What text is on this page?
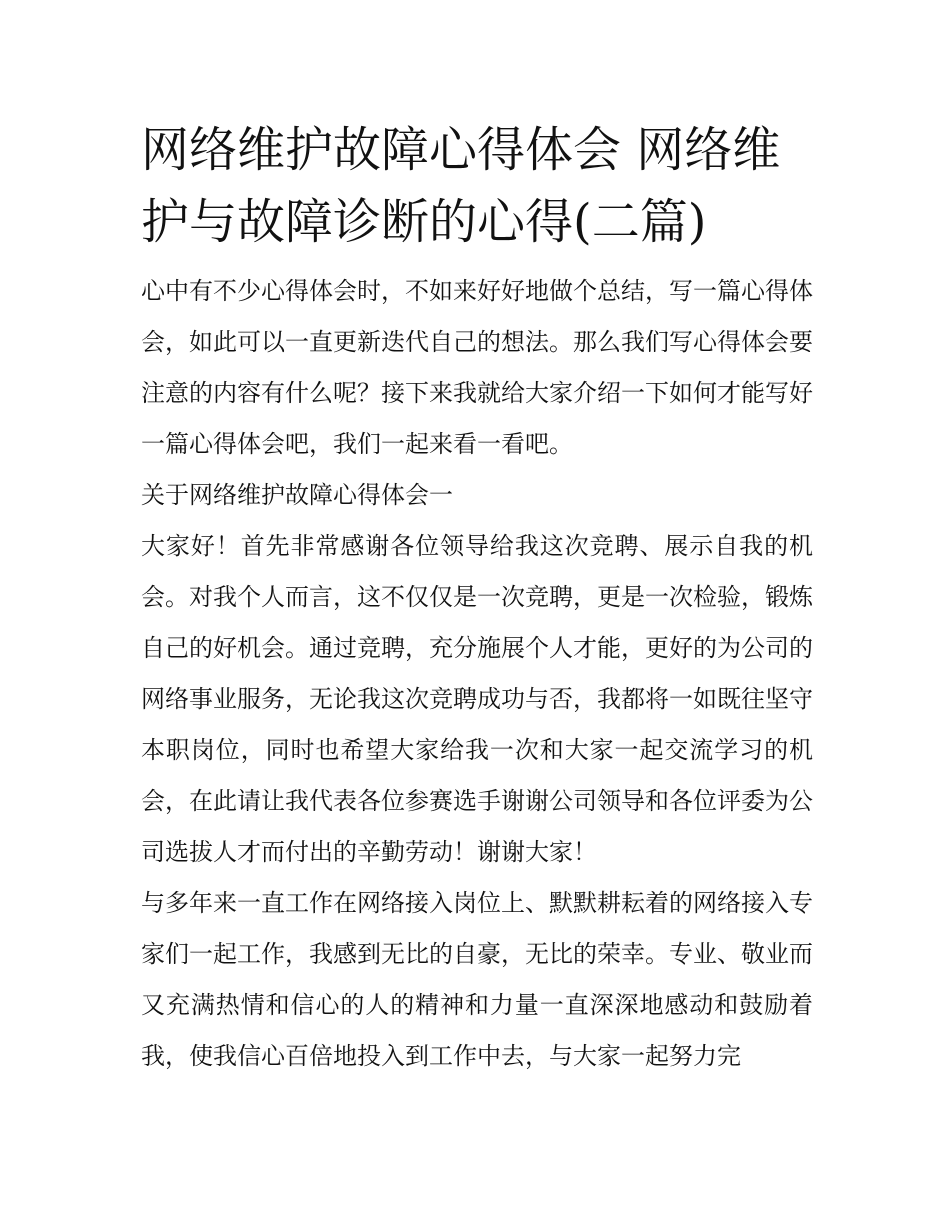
网络维护故障心得体会 网络维护与故障诊断的心得(二篇)

心中有不少心得体会时，不如来好好地做个总结，写一篇心得体会，如此可以一直更新迭代自己的想法。那么我们写心得体会要注意的内容有什么呢？接下来我就给大家介绍一下如何才能写好一篇心得体会吧，我们一起来看一看吧。

关于网络维护故障心得体会一

大家好！首先非常感谢各位领导给我这次竞聘、展示自我的机会。对我个人而言，这不仅仅是一次竞聘，更是一次检验，锻炼自己的好机会。通过竞聘，充分施展个人才能，更好的为公司的网络事业服务，无论我这次竞聘成功与否，我都将一如既往坚守本职岗位，同时也希望大家给我一次和大家一起交流学习的机会，在此请让我代表各位参赛选手谢谢公司领导和各位评委为公司选拔人才而付出的辛勤劳动！谢谢大家！

与多年来一直工作在网络接入岗位上、默默耕耘着的网络接入专家们一起工作，我感到无比的自豪，无比的荣幸。专业、敬业而又充满热情和信心的人的精神和力量一直深深地感动和鼓励着我，使我信心百倍地投入到工作中去，与大家一起努力完
